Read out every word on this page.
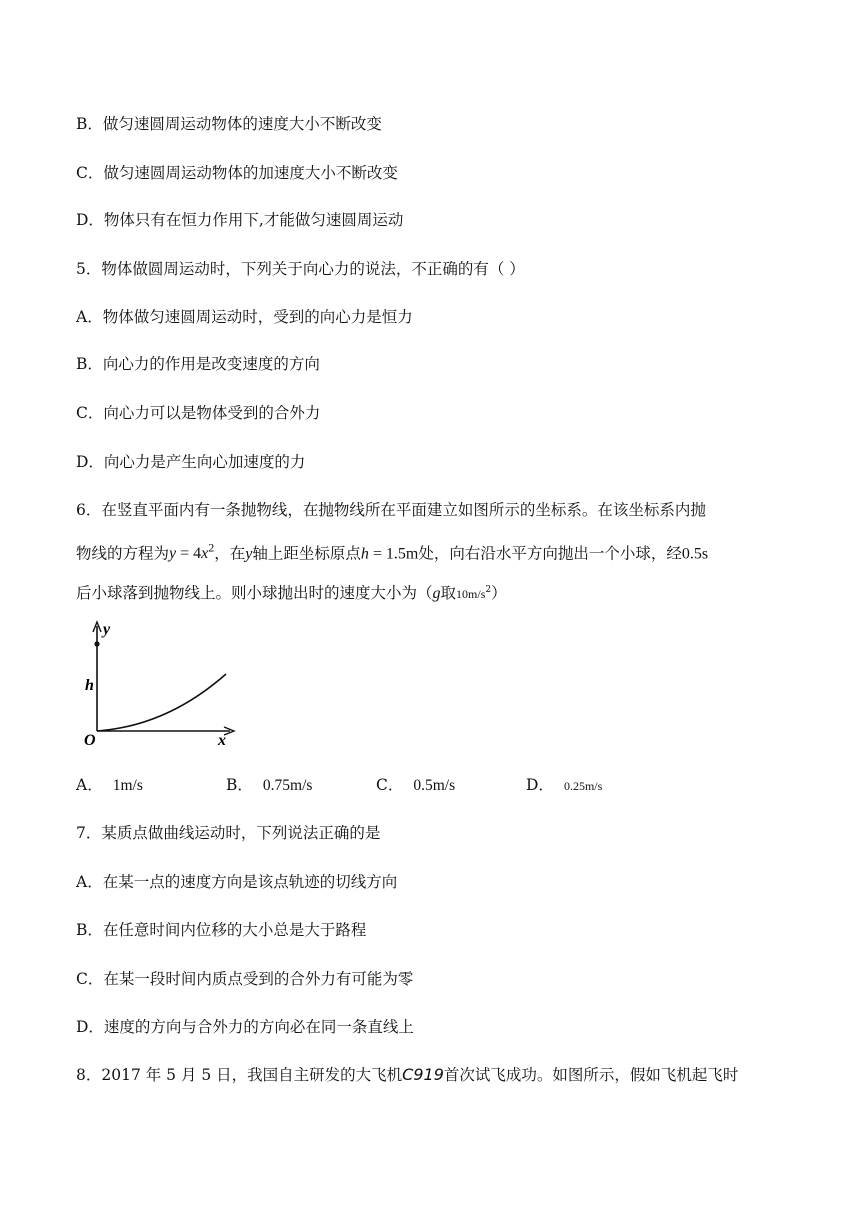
B．做匀速圆周运动物体的速度大小不断改变
C．做匀速圆周运动物体的加速度大小不断改变
D．物体只有在恒力作用下,才能做匀速圆周运动
5．物体做圆周运动时，下列关于向心力的说法，不正确的有（ ）
A．物体做匀速圆周运动时，受到的向心力是恒力
B．向心力的作用是改变速度的方向
C．向心力可以是物体受到的合外力
D．向心力是产生向心加速度的力
6．在竖直平面内有一条抛物线，在抛物线所在平面建立如图所示的坐标系。在该坐标系内抛
物线的方程为$y = 4x^2$，在y轴上距坐标原点h = 1.5m处，向右沿水平方向抛出一个小球，经0.5s
后小球落到抛物线上。则小球抛出时的速度大小为（g取$10m/s^2$）
y
h
O	x
A． 1m/s	B． 0.75m/s	C． 0.5m/s	D． 0.25m/s
7．某质点做曲线运动时，下列说法正确的是
A．在某一点的速度方向是该点轨迹的切线方向
B．在任意时间内位移的大小总是大于路程
C．在某一段时间内质点受到的合外力有可能为零
D．速度的方向与合外力的方向必在同一条直线上
8．2017 年 5 月 5 日，我国自主研发的大飞机C919首次试飞成功。如图所示，假如飞机起飞时
